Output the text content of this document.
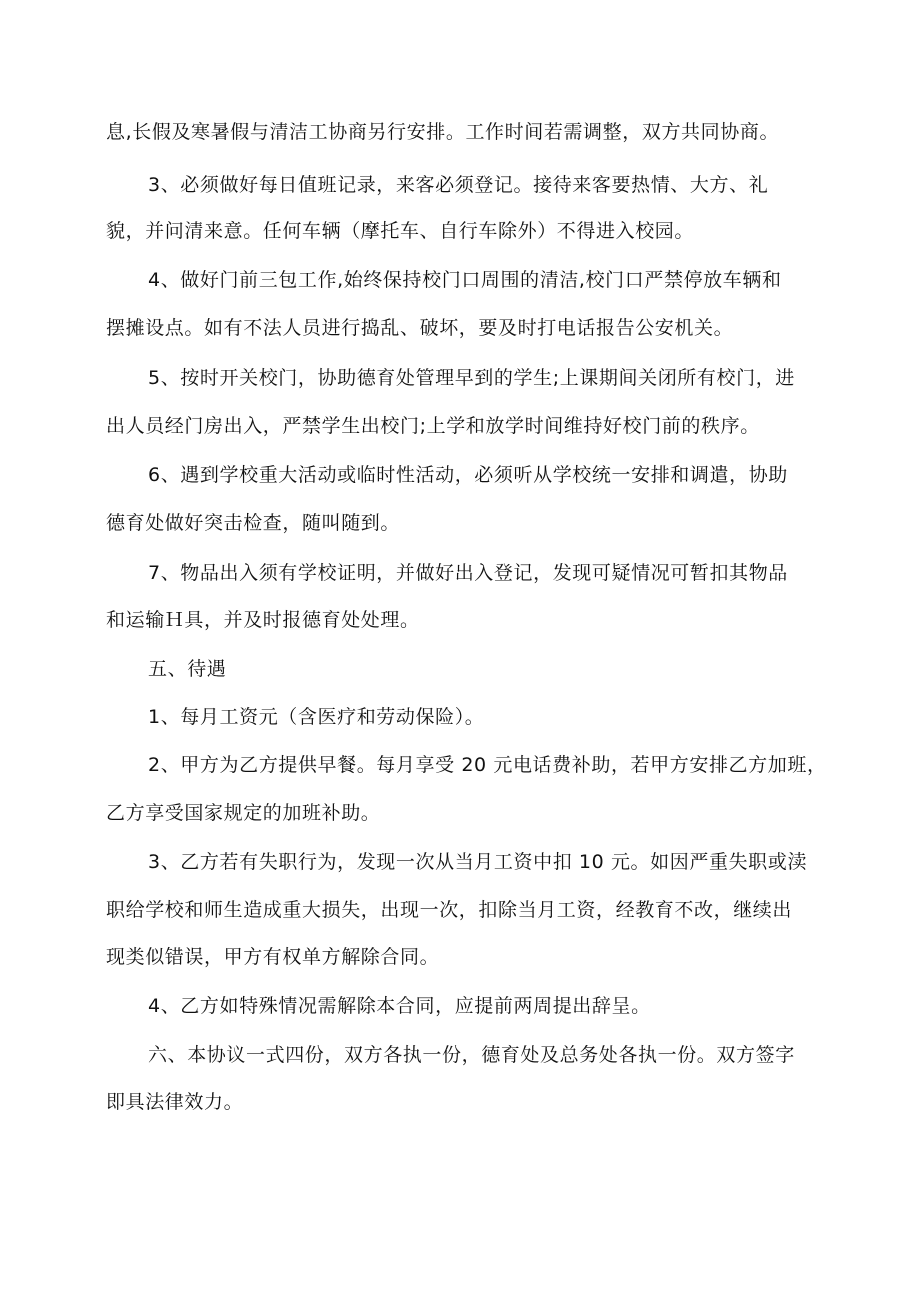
息,长假及寒暑假与清洁工协商另行安排。工作时间若需调整，双方共同协商。
3、必须做好每日值班记录，来客必须登记。接待来客要热情、大方、礼
貌，并问清来意。任何车辆（摩托车、自行车除外）不得进入校园。
4、做好门前三包工作,始终保持校门口周围的清洁,校门口严禁停放车辆和
摆摊设点。如有不法人员进行捣乱、破坏，要及时打电话报告公安机关。
5、按时开关校门，协助德育处管理早到的学生;上课期间关闭所有校门，进
出人员经门房出入，严禁学生出校门;上学和放学时间维持好校门前的秩序。
6、遇到学校重大活动或临时性活动，必须听从学校统一安排和调遣，协助
德育处做好突击检查，随叫随到。
7、物品出入须有学校证明，并做好出入登记，发现可疑情况可暂扣其物品
和运输Ｈ具，并及时报德育处处理。
五、待遇
1、每月工资元（含医疗和劳动保险）。
2、甲方为乙方提供早餐。每月享受 20 元电话费补助，若甲方安排乙方加班，
乙方享受国家规定的加班补助。
3、乙方若有失职行为，发现一次从当月工资中扣 10 元。如因严重失职或渎
职给学校和师生造成重大损失，出现一次，扣除当月工资，经教育不改，继续出
现类似错误，甲方有权单方解除合同。
4、乙方如特殊情况需解除本合同，应提前两周提出辞呈。
六、本协议一式四份，双方各执一份，德育处及总务处各执一份。双方签字
即具法律效力。
